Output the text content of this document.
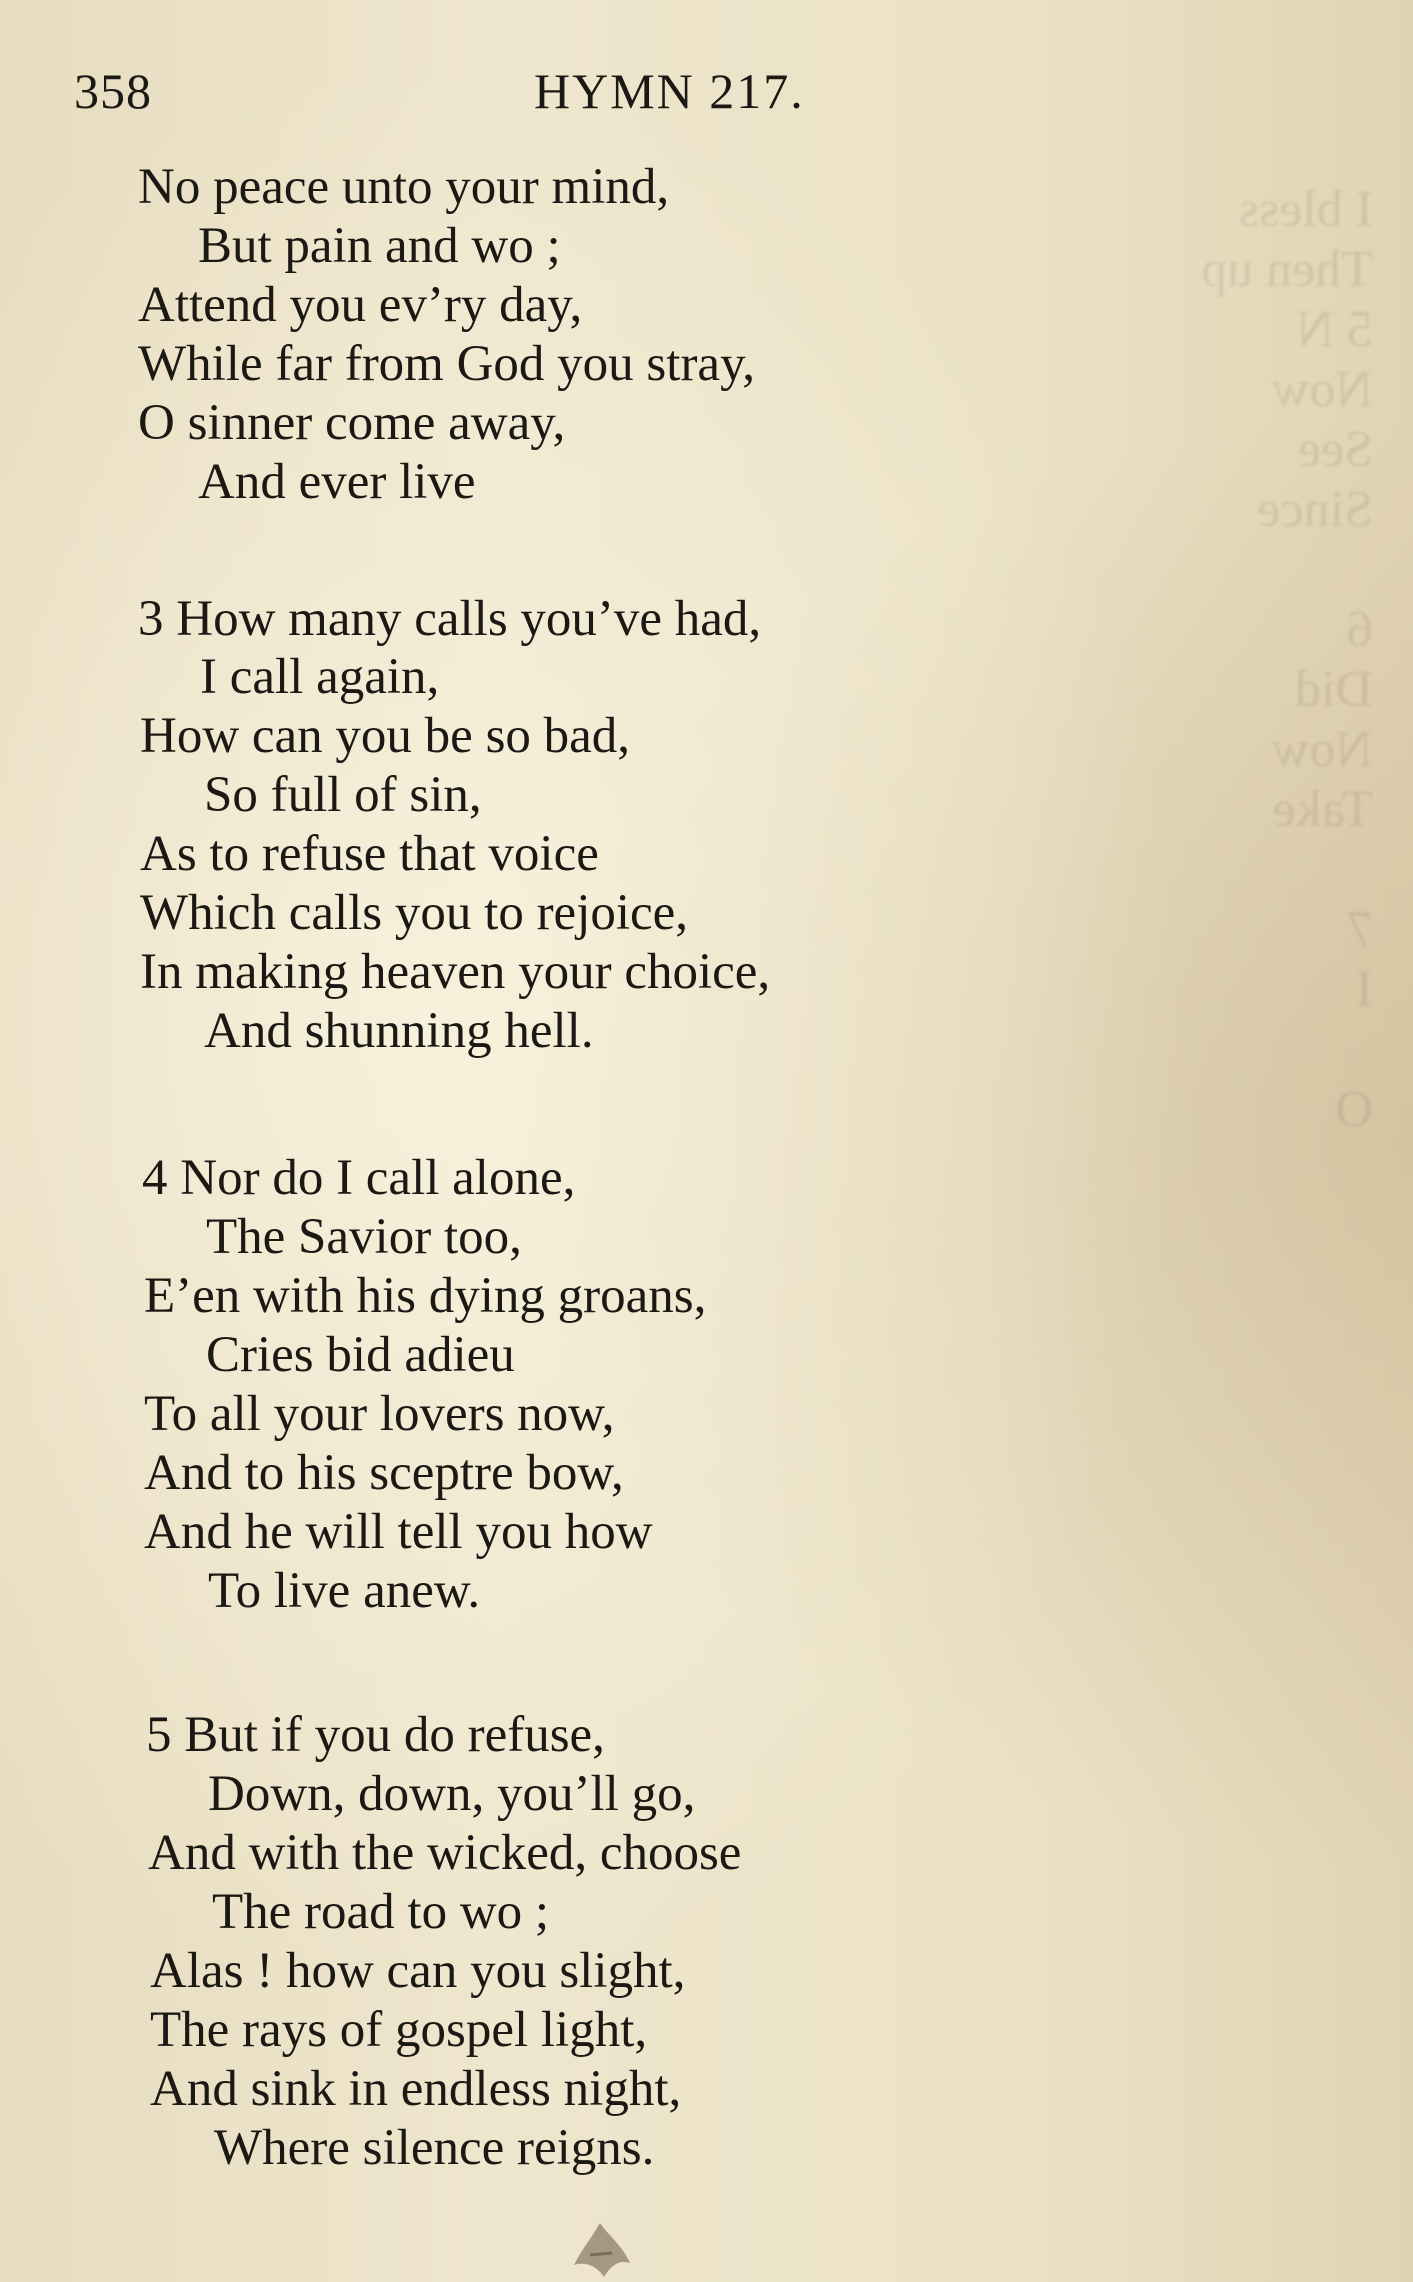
I bless
Then up
5 N
Now
See
Since

6
Did
Now
Take

7
I

O

358	HYMN 217.
No peace unto your mind,
But pain and wo ;
Attend you ev’ry day,
While far from God you stray,
O sinner come away,
And ever live
3 How many calls you’ve had,
I call again,
How can you be so bad,
So full of sin,
As to refuse that voice
Which calls you to rejoice,
In making heaven your choice,
And shunning hell.
4 Nor do I call alone,
The Savior too,
E’en with his dying groans,
Cries bid adieu
To all your lovers now,
And to his sceptre bow,
And he will tell you how
To live anew.
5 But if you do refuse,
Down, down, you’ll go,
And with the wicked, choose
The road to wo ;
Alas ! how can you slight,
The rays of gospel light,
And sink in endless night,
Where silence reigns.
